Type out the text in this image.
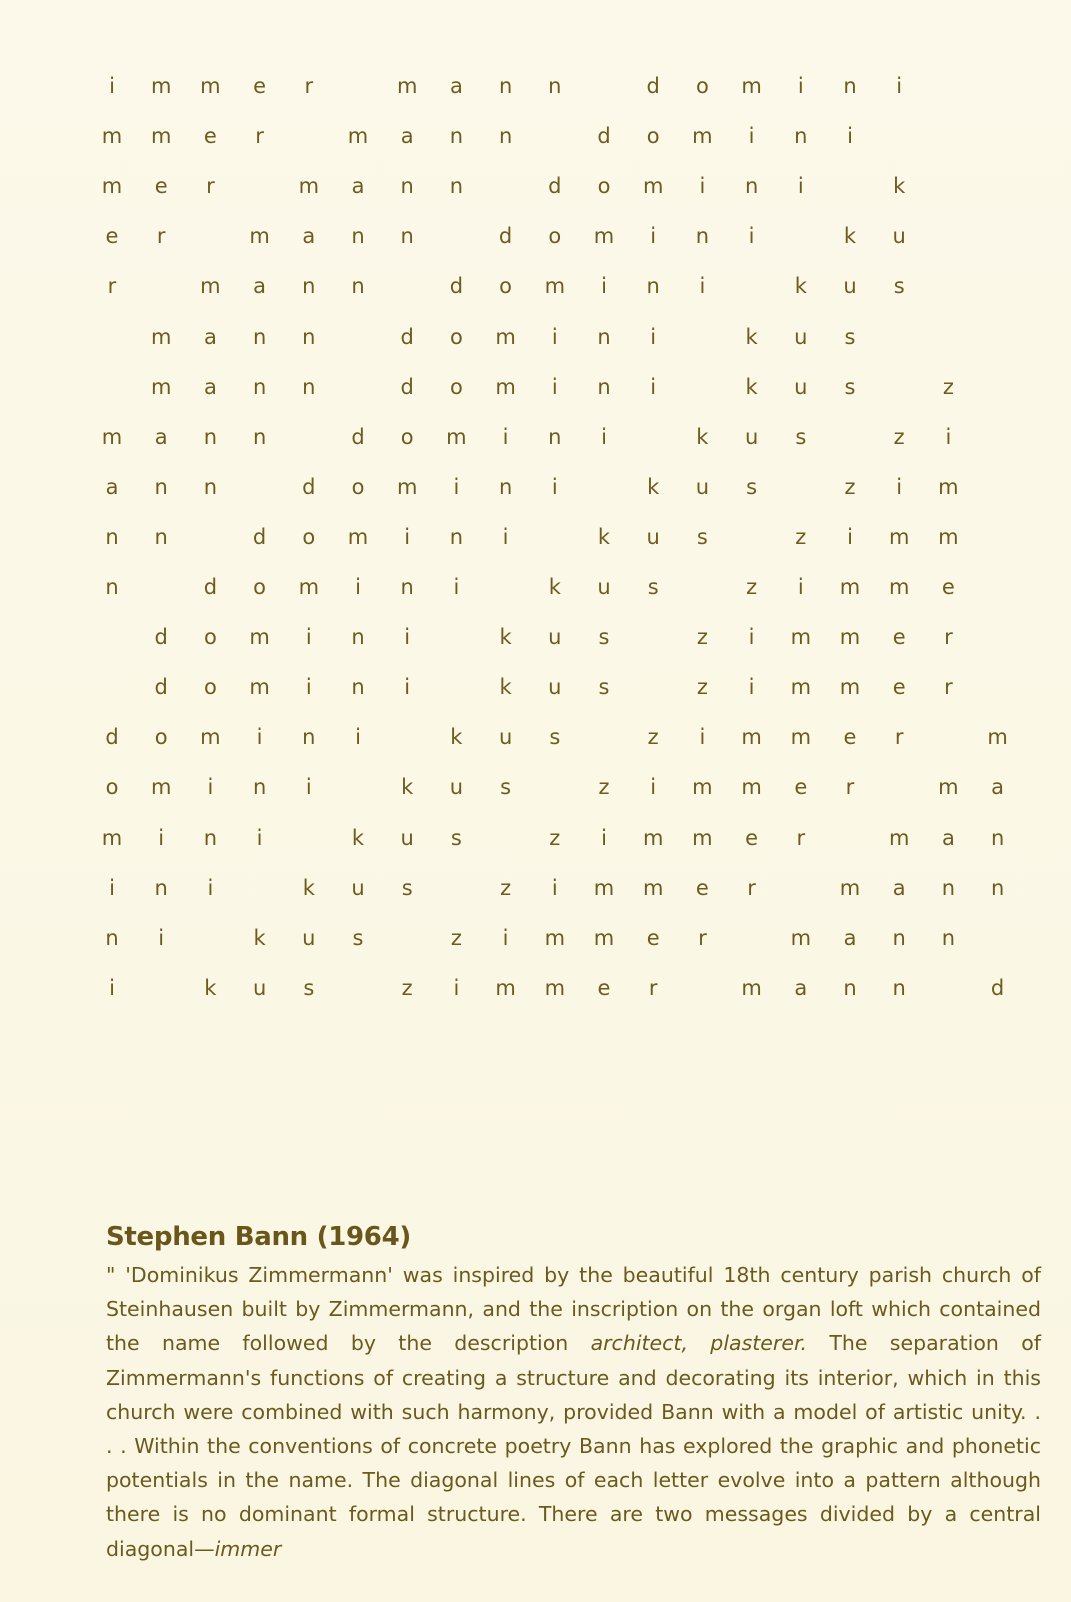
i	m m	e	r	m	a	n	n	d	o	m	i	n	i
m m	e	r	m	a	n	n	d	o	m	i	n	i
m	e	r	m	a	n	n	d	o	m	i	n	i	k
e	r	m	a	n	n	d	o	m	i	n	i	k	u
r	m	a	n	n	d	o	m	i	n	i	k	u	s
m	a	n	n	d	o	m	i	n	i	k	u	s
m	a	n	n	d	o	m	i	n	i	k	u	s	z
m	a	n	n	d	o	m	i	n	i	k	u	s	z	i
a	n	n	d	o	m	i	n	i	k	u	s	z	i	m
n	n	d	o	m	i	n	i	k	u	s	z	i	m m
n	d	o	m	i	n	i	k	u	s	z	i	m m	e
d	o	m	i	n	i	k	u	s	z	i	m m	e	r
d	o	m	i	n	i	k	u	s	z	i	m m	e	r
d	o	m	i	n	i	k	u	s	z	i	m m	e	r	m
o	m	i	n	i	k	u	s	z	i	m m	e	r	m	a
m	i	n	i	k	u	s	z	i	m m	e	r	m	a	n
i	n	i	k	u	s	z	i	m m	e	r	m	a	n	n
n	i	k	u	s	z	i	m m	e	r	m	a	n	n
i	k	u	s	z	i	m m	e	r	m	a	n	n	d
Stephen Bann (1964)
" 'Dominikus Zimmermann' was inspired by the beautiful 18th century parish church of Steinhausen built by Zimmermann, and the inscription on the organ loft which contained the name followed by the description architect, plasterer. The separation of Zimmermann's functions of creating a structure and decorating its interior, which in this church were combined with such harmony, provided Bann with a model of artistic unity. . . . Within the conventions of concrete poetry Bann has explored the graphic and phonetic potentials in the name. The diagonal lines of each letter evolve into a pattern although there is no dominant formal structure. There are two messages divided by a central diagonal—immer
